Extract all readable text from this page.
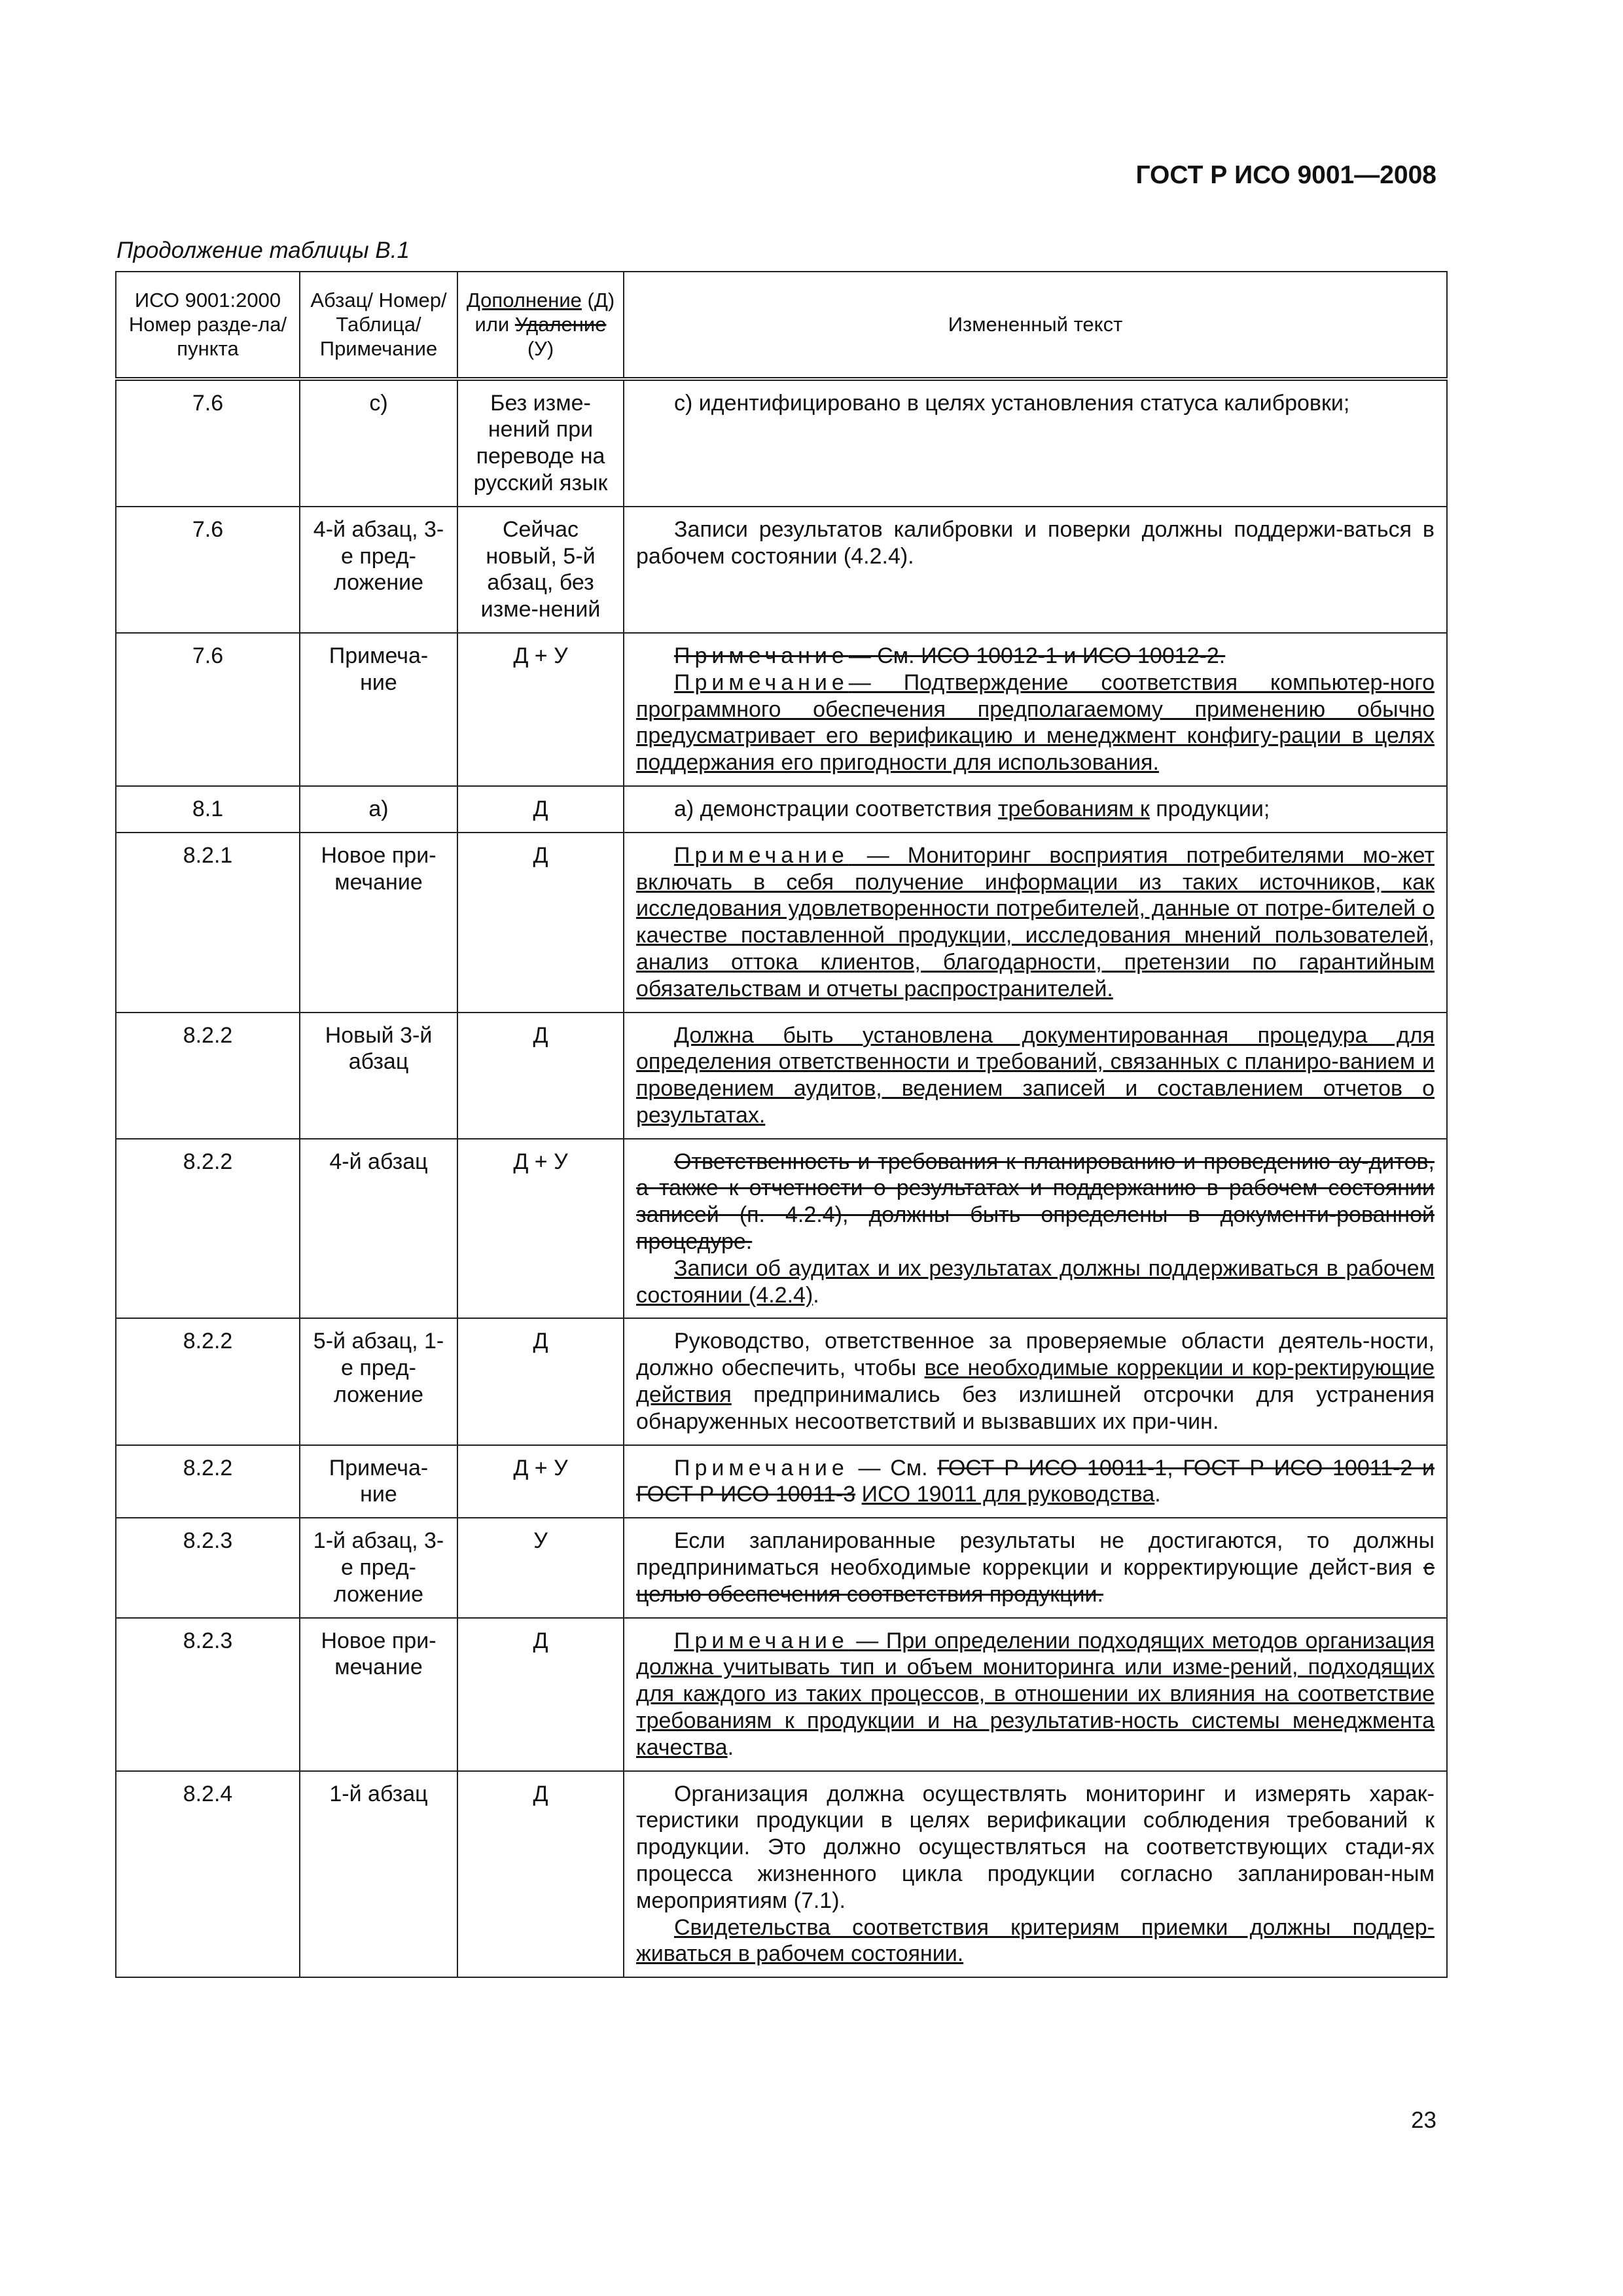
ГОСТ Р ИСО 9001—2008
Продолжение таблицы В.1
ИСО 9001:2000 Номер разде-ла/пункта	Абзац/ Номер/ Таблица/ Примечание	Дополнение (Д) или Удаление (У)	Измененный текст
7.6	с)	Без изме-нений при переводе на русский язык	с) идентифицировано в целях установления статуса калибровки;

7.6	4-й абзац, 3-е пред-ложение	Сейчас новый, 5-й абзац, без изме-нений	Записи результатов калибровки и поверки должны поддержи-ваться в рабочем состоянии (4.2.4).

7.6	Примеча-ние	Д + У	Примечание— См. ИСО 10012-1 и ИСО 10012-2.

Примечание— Подтверждение соответствия компьютер-ного программного обеспечения предполагаемому применению обычно предусматривает его верификацию и менеджмент конфигу-рации в целях поддержания его пригодности для использования.

8.1	а)	Д	а) демонстрации соответствия требованиям к продукции;

8.2.1	Новое при-мечание	Д	Примечание — Мониторинг восприятия потребителями мо-жет включать в себя получение информации из таких источников, как исследования удовлетворенности потребителей, данные от потре-бителей о качестве поставленной продукции, исследования мнений пользователей, анализ оттока клиентов, благодарности, претензии по гарантийным обязательствам и отчеты распространителей.

8.2.2	Новый 3-й абзац	Д	Должна быть установлена документированная процедура для определения ответственности и требований, связанных с планиро-ванием и проведением аудитов, ведением записей и составлением отчетов о результатах.

8.2.2	4-й абзац	Д + У	Ответственность и требования к планированию и проведению ау-дитов, а также к отчетности о результатах и поддержанию в рабочем состоянии записей (п. 4.2.4), должны быть определены в документи-рованной процедуре.

Записи об аудитах и их результатах должны поддерживаться в рабочем состоянии (4.2.4).

8.2.2	5-й абзац, 1-е пред-ложение	Д	Руководство, ответственное за проверяемые области деятель-ности, должно обеспечить, чтобы все необходимые коррекции и кор-ректирующие действия предпринимались без излишней отсрочки для устранения обнаруженных несоответствий и вызвавших их при-чин.

8.2.2	Примеча-ние	Д + У	Примечание — См. ГОСТ Р ИСО 10011-1, ГОСТ Р ИСО 10011-2 и ГОСТ Р ИСО 10011-3 ИСО 19011 для руководства.

8.2.3	1-й абзац, 3-е пред-ложение	У	Если запланированные результаты не достигаются, то должны предприниматься необходимые коррекции и корректирующие дейст-вия с целью обеспечения соответствия продукции.

8.2.3	Новое при-мечание	Д	Примечание — При определении подходящих методов организация должна учитывать тип и объем мониторинга или изме-рений, подходящих для каждого из таких процессов, в отношении их влияния на соответствие требованиям к продукции и на результатив-ность системы менеджмента качества.

8.2.4	1-й абзац	Д	Организация должна осуществлять мониторинг и измерять харак-теристики продукции в целях верификации соблюдения требований к продукции. Это должно осуществляться на соответствующих стади-ях процесса жизненного цикла продукции согласно запланирован-ным мероприятиям (7.1).

Свидетельства соответствия критериям приемки должны поддер-живаться в рабочем состоянии.

23
